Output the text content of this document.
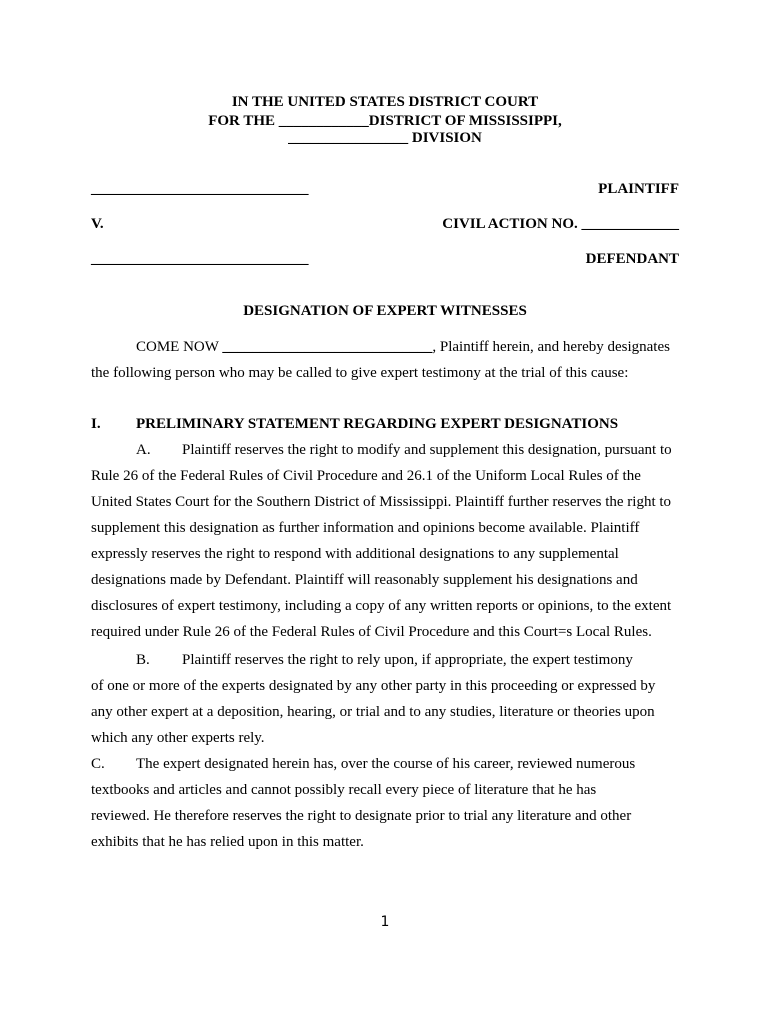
IN THE UNITED STATES DISTRICT COURT
FOR THE ____________DISTRICT OF MISSISSIPPI,
________________ DIVISION
_____________________________	PLAINTIFF
V.	CIVIL ACTION NO. _____________
_____________________________	DEFENDANT
DESIGNATION OF EXPERT WITNESSES
COME NOW ____________________________, Plaintiff herein, and hereby designates
the following person who may be called to give expert testimony at the trial of this cause:
I. PRELIMINARY STATEMENT REGARDING EXPERT DESIGNATIONS
A. Plaintiff reserves the right to modify and supplement this designation, pursuant to
Rule 26 of the Federal Rules of Civil Procedure and 26.1 of the Uniform Local Rules of the
United States Court for the Southern District of Mississippi. Plaintiff further reserves the right to
supplement this designation as further information and opinions become available. Plaintiff
expressly reserves the right to respond with additional designations to any supplemental
designations made by Defendant. Plaintiff will reasonably supplement his designations and
disclosures of expert testimony, including a copy of any written reports or opinions, to the extent
required under Rule 26 of the Federal Rules of Civil Procedure and this Court=s Local Rules.
B. Plaintiff reserves the right to rely upon, if appropriate, the expert testimony
of one or more of the experts designated by any other party in this proceeding or expressed by
any other expert at a deposition, hearing, or trial and to any studies, literature or theories upon
which any other experts rely.
C. The expert designated herein has, over the course of his career, reviewed numerous
textbooks and articles and cannot possibly recall every piece of literature that he has
reviewed. He therefore reserves the right to designate prior to trial any literature and other
exhibits that he has relied upon in this matter.
1
